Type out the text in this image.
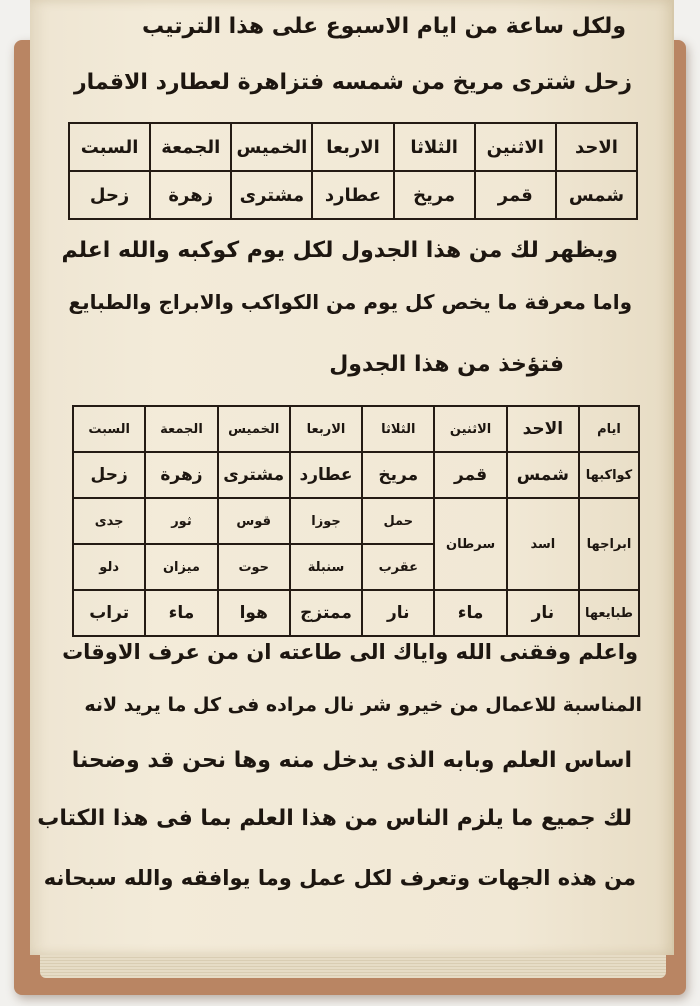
ولكل ساعة من ايام الاسبوع على هذا الترتيب
زحل شترى مريخ من شمسه فتزاهرة لعطارد الاقمار
ويظهر لك من هذا الجدول لكل يوم كوكبه والله اعلم
واما معرفة ما يخص كل يوم من الكواكب والابراج والطبايع
فتؤخذ من هذا الجدول
واعلم وفقنى الله واياك الى طاعته ان من عرف الاوقات
المناسبة للاعمال من خيرو شر نال مراده فى كل ما يريد لانه
اساس العلم وبابه الذى يدخل منه وها نحن قد وضحنا
لك جميع ما يلزم الناس من هذا العلم بما فى هذا الكتاب
من هذه الجهات وتعرف لكل عمل وما يوافقه والله سبحانه
الاحد	الاثنين	الثلاثا	الاربعا	الخميس	الجمعة	السبت
شمس	قمر	مريخ	عطارد	مشترى	زهرة	زحل
ايام	الاحد	الاثنين	الثلاثا	الاربعا	الخميس	الجمعة	السبت
كواكبها	شمس	قمر	مريخ	عطارد	مشترى	زهرة	زحل
ابراجها	اسد	سرطان	حمل	جوزا	قوس	ثور	جدى
			عقرب	سنبلة	حوت	ميزان	دلو
طبايعها	نار	ماء	نار	ممتزج	هوا	ماء	تراب
